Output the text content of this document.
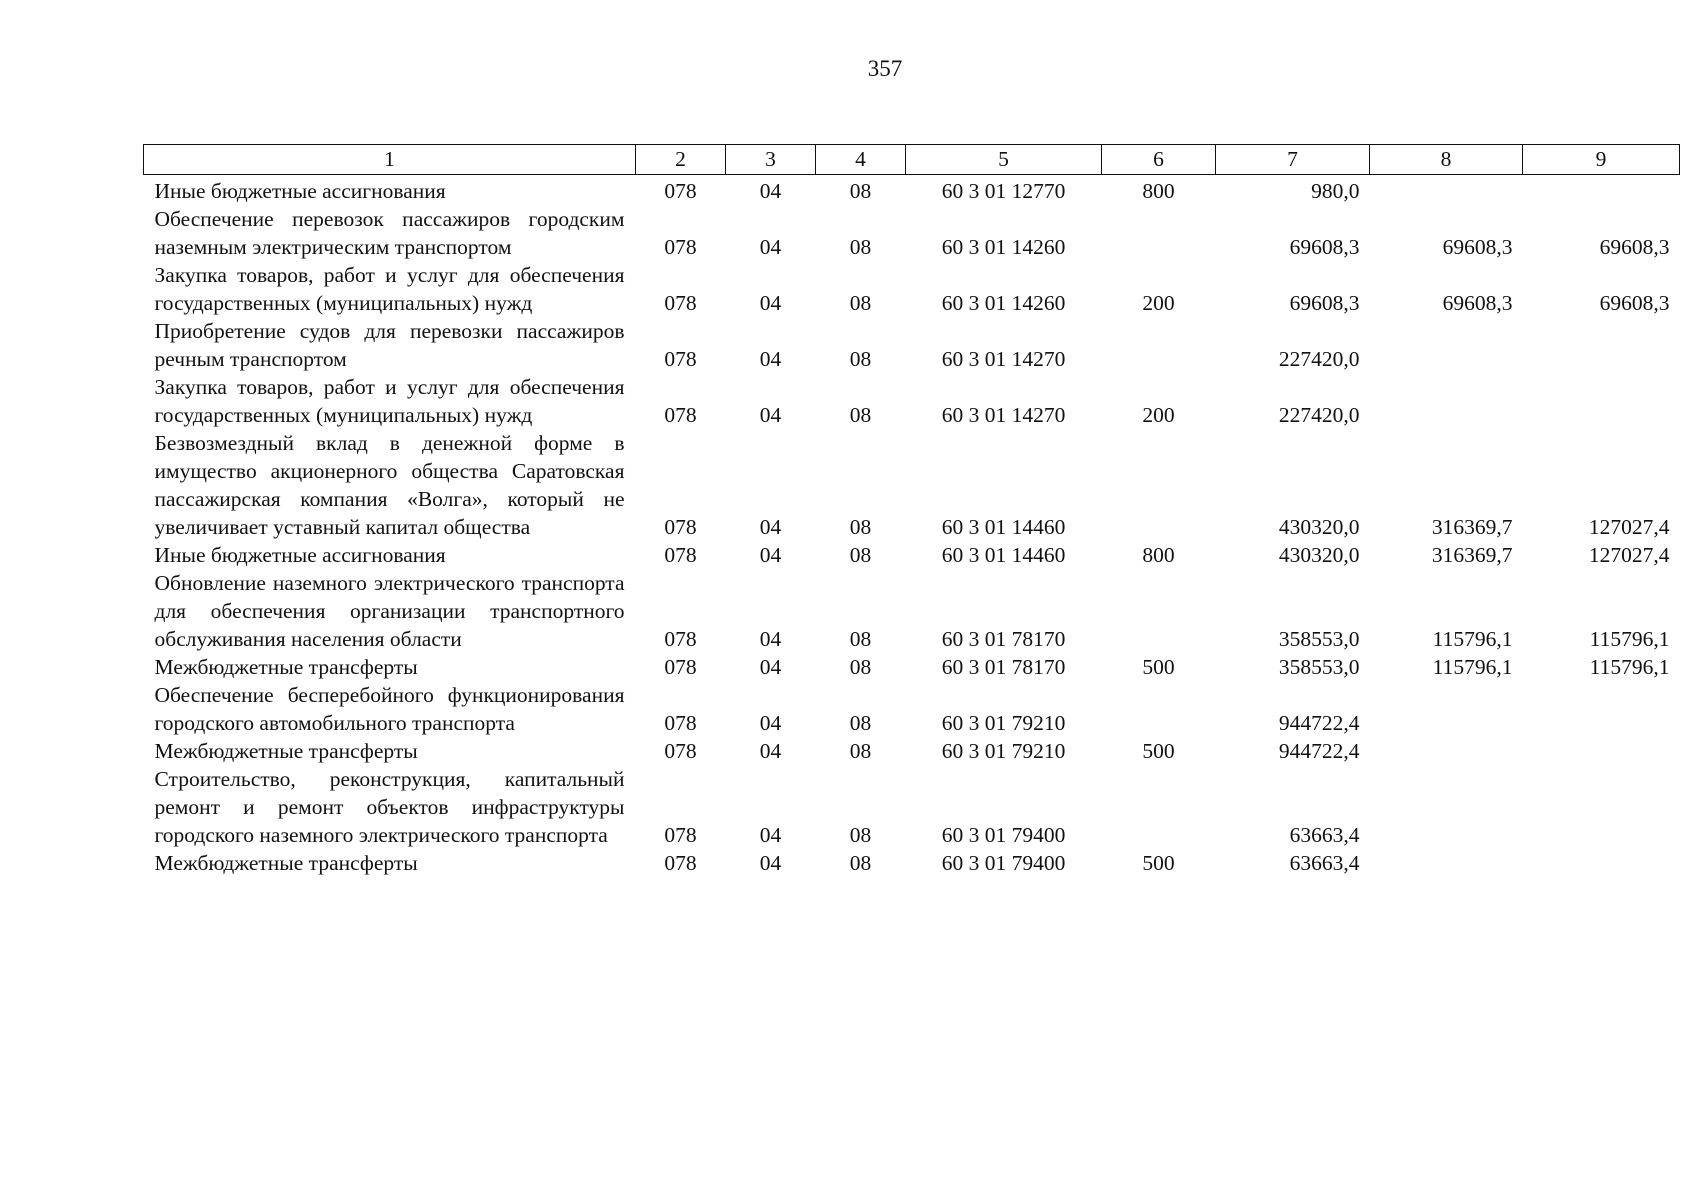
357
1	2	3	4	5	6	7	8	9
Иные бюджетные ассигнования	078	04	08	60 3 01 12770	800	980,0		
Обеспечение перевозок пассажиров городским наземным электрическим транспортом	078	04	08	60 3 01 14260		69608,3	69608,3	69608,3
Закупка товаров, работ и услуг для обеспечения государственных (муниципальных) нужд	078	04	08	60 3 01 14260	200	69608,3	69608,3	69608,3
Приобретение судов для перевозки пассажиров речным транспортом	078	04	08	60 3 01 14270		227420,0		
Закупка товаров, работ и услуг для обеспечения государственных (муниципальных) нужд	078	04	08	60 3 01 14270	200	227420,0		
Безвозмездный вклад в денежной форме в имущество акционерного общества Саратовская пассажирская компания «Волга», который не увеличивает уставный капитал общества	078	04	08	60 3 01 14460		430320,0	316369,7	127027,4
Иные бюджетные ассигнования	078	04	08	60 3 01 14460	800	430320,0	316369,7	127027,4
Обновление наземного электрического транспорта для обеспечения организации транспортного обслуживания населения области	078	04	08	60 3 01 78170		358553,0	115796,1	115796,1
Межбюджетные трансферты	078	04	08	60 3 01 78170	500	358553,0	115796,1	115796,1
Обеспечение бесперебойного функционирования городского автомобильного транспорта	078	04	08	60 3 01 79210		944722,4		
Межбюджетные трансферты	078	04	08	60 3 01 79210	500	944722,4		
Строительство, реконструкция, капитальный ремонт и ремонт объектов инфраструктуры городского наземного электрического транспорта	078	04	08	60 3 01 79400		63663,4		
Межбюджетные трансферты	078	04	08	60 3 01 79400	500	63663,4		
